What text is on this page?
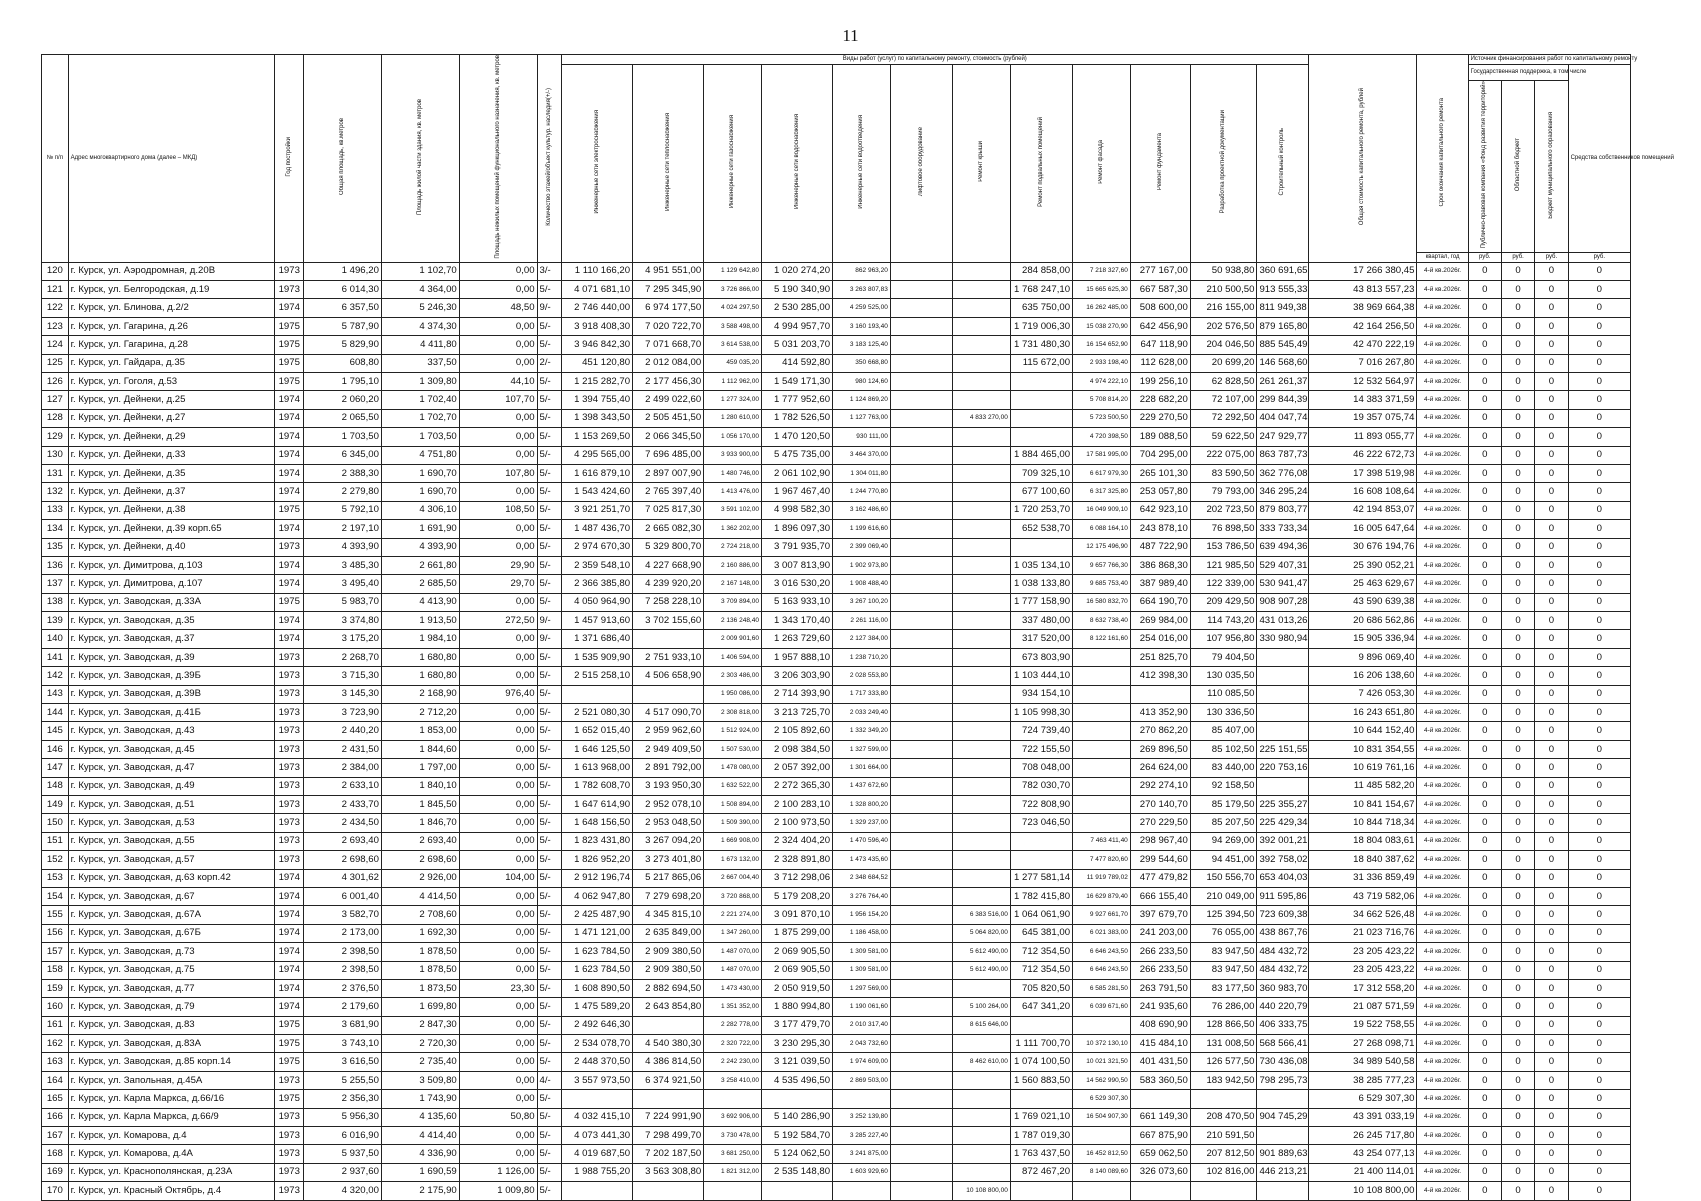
11
№ п/п	Адрес многоквартирного дома (далее – МКД)	Год постройки	Общая площадь, кв.метров	Площадь жилой части здания, кв. метров	Площадь нежилых помещений функционального назначения, кв. метров	Количество этажей/объект культур. наследия(+/-)	Виды работ (услуг) по капитальному ремонту, стоимость (рублей)												Общая стоимость капитального ремонта, рублей	Срок окончания капитального ремонта	Источник финансирования работ по капитальному ремонту			
							Инженерные сети электроснабжения	Инженерные сети теплоснабжения	Инженерные сети газоснабжения	Инженерные сети водоснабжения	Инженерные сети водоотведения	Лифтовое оборудование	Ремонт крыши	Ремонт подвальных помещений	Ремонт фасада	Ремонт фундамента	Разработка проектной документации	Строительный контроль			Государственная поддержка, в том числе			Средства собственников помещений
																					Публично-правовая компания «Фонд развития территорий»	Областной бюджет	Бюджет муниципального образования	
																				квартал, год	руб.	руб.	руб.	руб.
120	г. Курск, ул. Аэродромная, д.20В	1973	1 496,20	1 102,70	0,00	3/-	1 110 166,20	4 951 551,00	1 129 642,80	1 020 274,20	862 963,20			284 858,00	7 218 327,60	277 167,00	50 938,80	360 691,65	17 266 380,45	4-й кв.2026г.	0	0	0	0
121	г. Курск, ул. Белгородская, д.19	1973	6 014,30	4 364,00	0,00	5/-	4 071 681,10	7 295 345,90	3 726 866,00	5 190 340,90	3 263 807,83			1 768 247,10	15 665 625,30	667 587,30	210 500,50	913 555,33	43 813 557,23	4-й кв.2026г.	0	0	0	0
122	г. Курск, ул. Блинова, д.2/2	1974	6 357,50	5 246,30	48,50	9/-	2 746 440,00	6 974 177,50	4 024 297,50	2 530 285,00	4 259 525,00			635 750,00	16 262 485,00	508 600,00	216 155,00	811 949,38	38 969 664,38	4-й кв.2026г.	0	0	0	0
123	г. Курск, ул. Гагарина, д.26	1975	5 787,90	4 374,30	0,00	5/-	3 918 408,30	7 020 722,70	3 588 498,00	4 994 957,70	3 160 193,40			1 719 006,30	15 038 270,90	642 456,90	202 576,50	879 165,80	42 164 256,50	4-й кв.2026г.	0	0	0	0
124	г. Курск, ул. Гагарина, д.28	1975	5 829,90	4 411,80	0,00	5/-	3 946 842,30	7 071 668,70	3 614 538,00	5 031 203,70	3 183 125,40			1 731 480,30	16 154 652,90	647 118,90	204 046,50	885 545,49	42 470 222,19	4-й кв.2026г.	0	0	0	0
125	г. Курск, ул. Гайдара, д.35	1975	608,80	337,50	0,00	2/-	451 120,80	2 012 084,00	459 035,20	414 592,80	350 668,80			115 672,00	2 933 198,40	112 628,00	20 699,20	146 568,60	7 016 267,80	4-й кв.2026г.	0	0	0	0
126	г. Курск, ул. Гоголя, д.53	1975	1 795,10	1 309,80	44,10	5/-	1 215 282,70	2 177 456,30	1 112 962,00	1 549 171,30	980 124,60				4 974 222,10	199 256,10	62 828,50	261 261,37	12 532 564,97	4-й кв.2026г.	0	0	0	0
127	г. Курск, ул. Дейнеки, д.25	1974	2 060,20	1 702,40	107,70	5/-	1 394 755,40	2 499 022,60	1 277 324,00	1 777 952,60	1 124 869,20				5 708 814,20	228 682,20	72 107,00	299 844,39	14 383 371,59	4-й кв.2026г.	0	0	0	0
128	г. Курск, ул. Дейнеки, д.27	1974	2 065,50	1 702,70	0,00	5/-	1 398 343,50	2 505 451,50	1 280 610,00	1 782 526,50	1 127 763,00		4 833 270,00		5 723 500,50	229 270,50	72 292,50	404 047,74	19 357 075,74	4-й кв.2026г.	0	0	0	0
129	г. Курск, ул. Дейнеки, д.29	1974	1 703,50	1 703,50	0,00	5/-	1 153 269,50	2 066 345,50	1 056 170,00	1 470 120,50	930 111,00				4 720 398,50	189 088,50	59 622,50	247 929,77	11 893 055,77	4-й кв.2026г.	0	0	0	0
130	г. Курск, ул. Дейнеки, д.33	1974	6 345,00	4 751,80	0,00	5/-	4 295 565,00	7 696 485,00	3 933 900,00	5 475 735,00	3 464 370,00			1 884 465,00	17 581 995,00	704 295,00	222 075,00	863 787,73	46 222 672,73	4-й кв.2026г.	0	0	0	0
131	г. Курск, ул. Дейнеки, д.35	1974	2 388,30	1 690,70	107,80	5/-	1 616 879,10	2 897 007,90	1 480 746,00	2 061 102,90	1 304 011,80			709 325,10	6 617 979,30	265 101,30	83 590,50	362 776,08	17 398 519,98	4-й кв.2026г.	0	0	0	0
132	г. Курск, ул. Дейнеки, д.37	1974	2 279,80	1 690,70	0,00	5/-	1 543 424,60	2 765 397,40	1 413 476,00	1 967 467,40	1 244 770,80			677 100,60	6 317 325,80	253 057,80	79 793,00	346 295,24	16 608 108,64	4-й кв.2026г.	0	0	0	0
133	г. Курск, ул. Дейнеки, д.38	1975	5 792,10	4 306,10	108,50	5/-	3 921 251,70	7 025 817,30	3 591 102,00	4 998 582,30	3 162 486,60			1 720 253,70	16 049 909,10	642 923,10	202 723,50	879 803,77	42 194 853,07	4-й кв.2026г.	0	0	0	0
134	г. Курск, ул. Дейнеки, д.39 корп.65	1974	2 197,10	1 691,90	0,00	5/-	1 487 436,70	2 665 082,30	1 362 202,00	1 896 097,30	1 199 616,60			652 538,70	6 088 164,10	243 878,10	76 898,50	333 733,34	16 005 647,64	4-й кв.2026г.	0	0	0	0
135	г. Курск, ул. Дейнеки, д.40	1973	4 393,90	4 393,90	0,00	5/-	2 974 670,30	5 329 800,70	2 724 218,00	3 791 935,70	2 399 069,40				12 175 496,90	487 722,90	153 786,50	639 494,36	30 676 194,76	4-й кв.2026г.	0	0	0	0
136	г. Курск, ул. Димитрова, д.103	1974	3 485,30	2 661,80	29,90	5/-	2 359 548,10	4 227 668,90	2 160 886,00	3 007 813,90	1 902 973,80			1 035 134,10	9 657 766,30	386 868,30	121 985,50	529 407,31	25 390 052,21	4-й кв.2026г.	0	0	0	0
137	г. Курск, ул. Димитрова, д.107	1974	3 495,40	2 685,50	29,70	5/-	2 366 385,80	4 239 920,20	2 167 148,00	3 016 530,20	1 908 488,40			1 038 133,80	9 685 753,40	387 989,40	122 339,00	530 941,47	25 463 629,67	4-й кв.2026г.	0	0	0	0
138	г. Курск, ул. Заводская, д.33А	1975	5 983,70	4 413,90	0,00	5/-	4 050 964,90	7 258 228,10	3 709 894,00	5 163 933,10	3 267 100,20			1 777 158,90	16 580 832,70	664 190,70	209 429,50	908 907,28	43 590 639,38	4-й кв.2026г.	0	0	0	0
139	г. Курск, ул. Заводская, д.35	1974	3 374,80	1 913,50	272,50	9/-	1 457 913,60	3 702 155,60	2 136 248,40	1 343 170,40	2 261 116,00			337 480,00	8 632 738,40	269 984,00	114 743,20	431 013,26	20 686 562,86	4-й кв.2026г.	0	0	0	0
140	г. Курск, ул. Заводская, д.37	1974	3 175,20	1 984,10	0,00	9/-	1 371 686,40		2 009 901,60	1 263 729,60	2 127 384,00			317 520,00	8 122 161,60	254 016,00	107 956,80	330 980,94	15 905 336,94	4-й кв.2026г.	0	0	0	0
141	г. Курск, ул. Заводская, д.39	1973	2 268,70	1 680,80	0,00	5/-	1 535 909,90	2 751 933,10	1 406 594,00	1 957 888,10	1 238 710,20			673 803,90		251 825,70	79 404,50		9 896 069,40	4-й кв.2026г.	0	0	0	0
142	г. Курск, ул. Заводская, д.39Б	1973	3 715,30	1 680,80	0,00	5/-	2 515 258,10	4 506 658,90	2 303 486,00	3 206 303,90	2 028 553,80			1 103 444,10		412 398,30	130 035,50		16 206 138,60	4-й кв.2026г.	0	0	0	0
143	г. Курск, ул. Заводская, д.39В	1973	3 145,30	2 168,90	976,40	5/-			1 950 086,00	2 714 393,90	1 717 333,80			934 154,10			110 085,50		7 426 053,30	4-й кв.2026г.	0	0	0	0
144	г. Курск, ул. Заводская, д.41Б	1973	3 723,90	2 712,20	0,00	5/-	2 521 080,30	4 517 090,70	2 308 818,00	3 213 725,70	2 033 249,40			1 105 998,30		413 352,90	130 336,50		16 243 651,80	4-й кв.2026г.	0	0	0	0
145	г. Курск, ул. Заводская, д.43	1973	2 440,20	1 853,00	0,00	5/-	1 652 015,40	2 959 962,60	1 512 924,00	2 105 892,60	1 332 349,20			724 739,40		270 862,20	85 407,00		10 644 152,40	4-й кв.2026г.	0	0	0	0
146	г. Курск, ул. Заводская, д.45	1973	2 431,50	1 844,60	0,00	5/-	1 646 125,50	2 949 409,50	1 507 530,00	2 098 384,50	1 327 599,00			722 155,50		269 896,50	85 102,50	225 151,55	10 831 354,55	4-й кв.2026г.	0	0	0	0
147	г. Курск, ул. Заводская, д.47	1973	2 384,00	1 797,00	0,00	5/-	1 613 968,00	2 891 792,00	1 478 080,00	2 057 392,00	1 301 664,00			708 048,00		264 624,00	83 440,00	220 753,16	10 619 761,16	4-й кв.2026г.	0	0	0	0
148	г. Курск, ул. Заводская, д.49	1973	2 633,10	1 840,10	0,00	5/-	1 782 608,70	3 193 950,30	1 632 522,00	2 272 365,30	1 437 672,60			782 030,70		292 274,10	92 158,50		11 485 582,20	4-й кв.2026г.	0	0	0	0
149	г. Курск, ул. Заводская, д.51	1973	2 433,70	1 845,50	0,00	5/-	1 647 614,90	2 952 078,10	1 508 894,00	2 100 283,10	1 328 800,20			722 808,90		270 140,70	85 179,50	225 355,27	10 841 154,67	4-й кв.2026г.	0	0	0	0
150	г. Курск, ул. Заводская, д.53	1973	2 434,50	1 846,70	0,00	5/-	1 648 156,50	2 953 048,50	1 509 390,00	2 100 973,50	1 329 237,00			723 046,50		270 229,50	85 207,50	225 429,34	10 844 718,34	4-й кв.2026г.	0	0	0	0
151	г. Курск, ул. Заводская, д.55	1973	2 693,40	2 693,40	0,00	5/-	1 823 431,80	3 267 094,20	1 669 908,00	2 324 404,20	1 470 596,40				7 463 411,40	298 967,40	94 269,00	392 001,21	18 804 083,61	4-й кв.2026г.	0	0	0	0
152	г. Курск, ул. Заводская, д.57	1973	2 698,60	2 698,60	0,00	5/-	1 826 952,20	3 273 401,80	1 673 132,00	2 328 891,80	1 473 435,60				7 477 820,60	299 544,60	94 451,00	392 758,02	18 840 387,62	4-й кв.2026г.	0	0	0	0
153	г. Курск, ул. Заводская, д.63 корп.42	1974	4 301,62	2 926,00	104,00	5/-	2 912 196,74	5 217 865,06	2 667 004,40	3 712 298,06	2 348 684,52			1 277 581,14	11 919 789,02	477 479,82	150 556,70	653 404,03	31 336 859,49	4-й кв.2026г.	0	0	0	0
154	г. Курск, ул. Заводская, д.67	1974	6 001,40	4 414,50	0,00	5/-	4 062 947,80	7 279 698,20	3 720 868,00	5 179 208,20	3 276 764,40			1 782 415,80	16 629 879,40	666 155,40	210 049,00	911 595,86	43 719 582,06	4-й кв.2026г.	0	0	0	0
155	г. Курск, ул. Заводская, д.67А	1974	3 582,70	2 708,60	0,00	5/-	2 425 487,90	4 345 815,10	2 221 274,00	3 091 870,10	1 956 154,20		6 383 516,00	1 064 061,90	9 927 661,70	397 679,70	125 394,50	723 609,38	34 662 526,48	4-й кв.2026г.	0	0	0	0
156	г. Курск, ул. Заводская, д.67Б	1974	2 173,00	1 692,30	0,00	5/-	1 471 121,00	2 635 849,00	1 347 260,00	1 875 299,00	1 186 458,00		5 064 820,00	645 381,00	6 021 383,00	241 203,00	76 055,00	438 867,76	21 023 716,76	4-й кв.2026г.	0	0	0	0
157	г. Курск, ул. Заводская, д.73	1974	2 398,50	1 878,50	0,00	5/-	1 623 784,50	2 909 380,50	1 487 070,00	2 069 905,50	1 309 581,00		5 612 490,00	712 354,50	6 646 243,50	266 233,50	83 947,50	484 432,72	23 205 423,22	4-й кв.2026г.	0	0	0	0
158	г. Курск, ул. Заводская, д.75	1974	2 398,50	1 878,50	0,00	5/-	1 623 784,50	2 909 380,50	1 487 070,00	2 069 905,50	1 309 581,00		5 612 490,00	712 354,50	6 646 243,50	266 233,50	83 947,50	484 432,72	23 205 423,22	4-й кв.2026г.	0	0	0	0
159	г. Курск, ул. Заводская, д.77	1974	2 376,50	1 873,50	23,30	5/-	1 608 890,50	2 882 694,50	1 473 430,00	2 050 919,50	1 297 569,00			705 820,50	6 585 281,50	263 791,50	83 177,50	360 983,70	17 312 558,20	4-й кв.2026г.	0	0	0	0
160	г. Курск, ул. Заводская, д.79	1974	2 179,60	1 699,80	0,00	5/-	1 475 589,20	2 643 854,80	1 351 352,00	1 880 994,80	1 190 061,60		5 100 264,00	647 341,20	6 039 671,60	241 935,60	76 286,00	440 220,79	21 087 571,59	4-й кв.2026г.	0	0	0	0
161	г. Курск, ул. Заводская, д.83	1975	3 681,90	2 847,30	0,00	5/-	2 492 646,30		2 282 778,00	3 177 479,70	2 010 317,40		8 615 646,00			408 690,90	128 866,50	406 333,75	19 522 758,55	4-й кв.2026г.	0	0	0	0
162	г. Курск, ул. Заводская, д.83А	1975	3 743,10	2 720,30	0,00	5/-	2 534 078,70	4 540 380,30	2 320 722,00	3 230 295,30	2 043 732,60			1 111 700,70	10 372 130,10	415 484,10	131 008,50	568 566,41	27 268 098,71	4-й кв.2026г.	0	0	0	0
163	г. Курск, ул. Заводская, д.85 корп.14	1975	3 616,50	2 735,40	0,00	5/-	2 448 370,50	4 386 814,50	2 242 230,00	3 121 039,50	1 974 609,00		8 462 610,00	1 074 100,50	10 021 321,50	401 431,50	126 577,50	730 436,08	34 989 540,58	4-й кв.2026г.	0	0	0	0
164	г. Курск, ул. Запольная, д.45А	1973	5 255,50	3 509,80	0,00	4/-	3 557 973,50	6 374 921,50	3 258 410,00	4 535 496,50	2 869 503,00			1 560 883,50	14 562 990,50	583 360,50	183 942,50	798 295,73	38 285 777,23	4-й кв.2026г.	0	0	0	0
165	г. Курск, ул. Карла Маркса, д.66/16	1975	2 356,30	1 743,90	0,00	5/-									6 529 307,30				6 529 307,30	4-й кв.2026г.	0	0	0	0
166	г. Курск, ул. Карла Маркса, д.66/9	1973	5 956,30	4 135,60	50,80	5/-	4 032 415,10	7 224 991,90	3 692 906,00	5 140 286,90	3 252 139,80			1 769 021,10	16 504 907,30	661 149,30	208 470,50	904 745,29	43 391 033,19	4-й кв.2026г.	0	0	0	0
167	г. Курск, ул. Комарова, д.4	1973	6 016,90	4 414,40	0,00	5/-	4 073 441,30	7 298 499,70	3 730 478,00	5 192 584,70	3 285 227,40			1 787 019,30		667 875,90	210 591,50		26 245 717,80	4-й кв.2026г.	0	0	0	0
168	г. Курск, ул. Комарова, д.4А	1973	5 937,50	4 336,90	0,00	5/-	4 019 687,50	7 202 187,50	3 681 250,00	5 124 062,50	3 241 875,00			1 763 437,50	16 452 812,50	659 062,50	207 812,50	901 889,63	43 254 077,13	4-й кв.2026г.	0	0	0	0
169	г. Курск, ул. Краснополянская, д.23А	1973	2 937,60	1 690,59	1 126,00	5/-	1 988 755,20	3 563 308,80	1 821 312,00	2 535 148,80	1 603 929,60			872 467,20	8 140 089,60	326 073,60	102 816,00	446 213,21	21 400 114,01	4-й кв.2026г.	0	0	0	0
170	г. Курск, ул. Красный Октябрь, д.4	1973	4 320,00	2 175,90	1 009,80	5/-							10 108 800,00						10 108 800,00	4-й кв.2026г.	0	0	0	0
